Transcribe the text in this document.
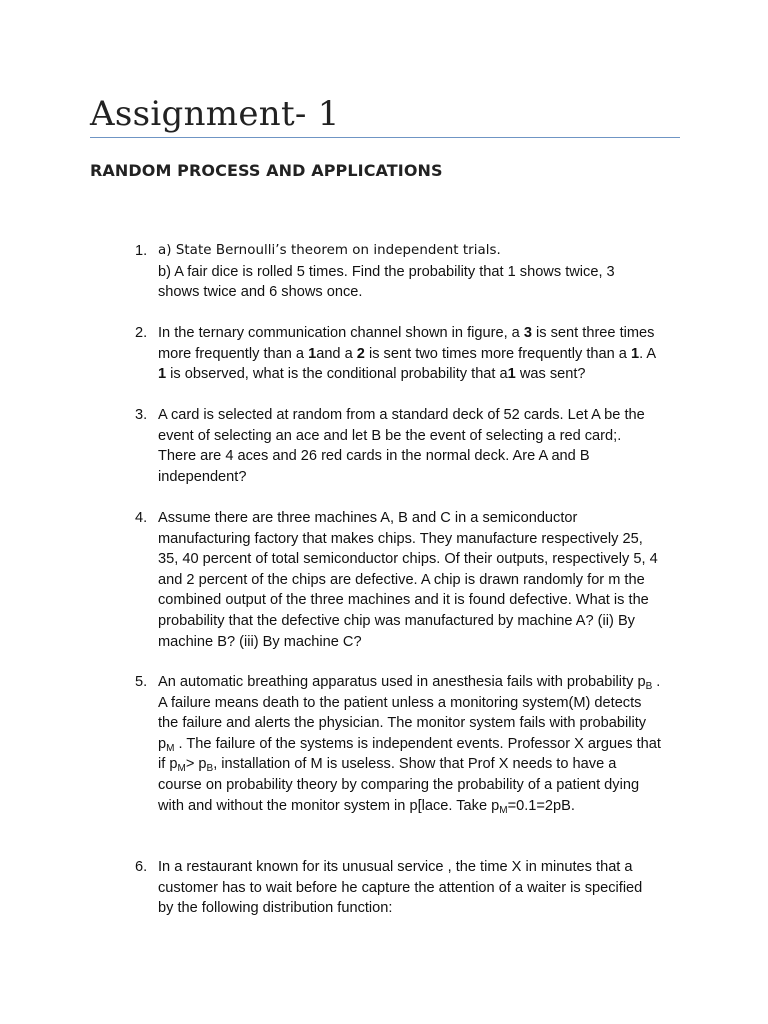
Assignment- 1
RANDOM PROCESS AND APPLICATIONS
1. a) State Bernoulli’s theorem on independent trials.

b) A fair dice is rolled 5 times. Find the probability that 1 shows twice, 3

shows twice and 6 shows once.

2. In the ternary communication channel shown in figure, a 3 is sent three times

more frequently than a 1and a 2 is sent two times more frequently than a 1. A

1 is observed, what is the conditional probability that a1 was sent?

3. A card is selected at random from a standard deck of 52 cards. Let A be the

event of selecting an ace and let B be the event of selecting a red card;.

There are 4 aces and 26 red cards in the normal deck. Are A and B

independent?

4. Assume there are three machines A, B and C in a semiconductor

manufacturing factory that makes chips. They manufacture respectively 25,

35, 40 percent of total semiconductor chips. Of their outputs, respectively 5, 4

and 2 percent of the chips are defective. A chip is drawn randomly for m the

combined output of the three machines and it is found defective. What is the

probability that the defective chip was manufactured by machine A? (ii) By

machine B? (iii) By machine C?

5. An automatic breathing apparatus used in anesthesia fails with probability $p_B$ .

A failure means death to the patient unless a monitoring system(M) detects

the failure and alerts the physician. The monitor system fails with probability

$p_M$ . The failure of the systems is independent events. Professor X argues that

if $p_M> p_B$, installation of M is useless. Show that Prof X needs to have a

course on probability theory by comparing the probability of a patient dying

with and without the monitor system in p[lace. Take $p_M=0.1=2pB$.

6. In a restaurant known for its unusual service , the time X in minutes that a

customer has to wait before he capture the attention of a waiter is specified

by the following distribution function:
